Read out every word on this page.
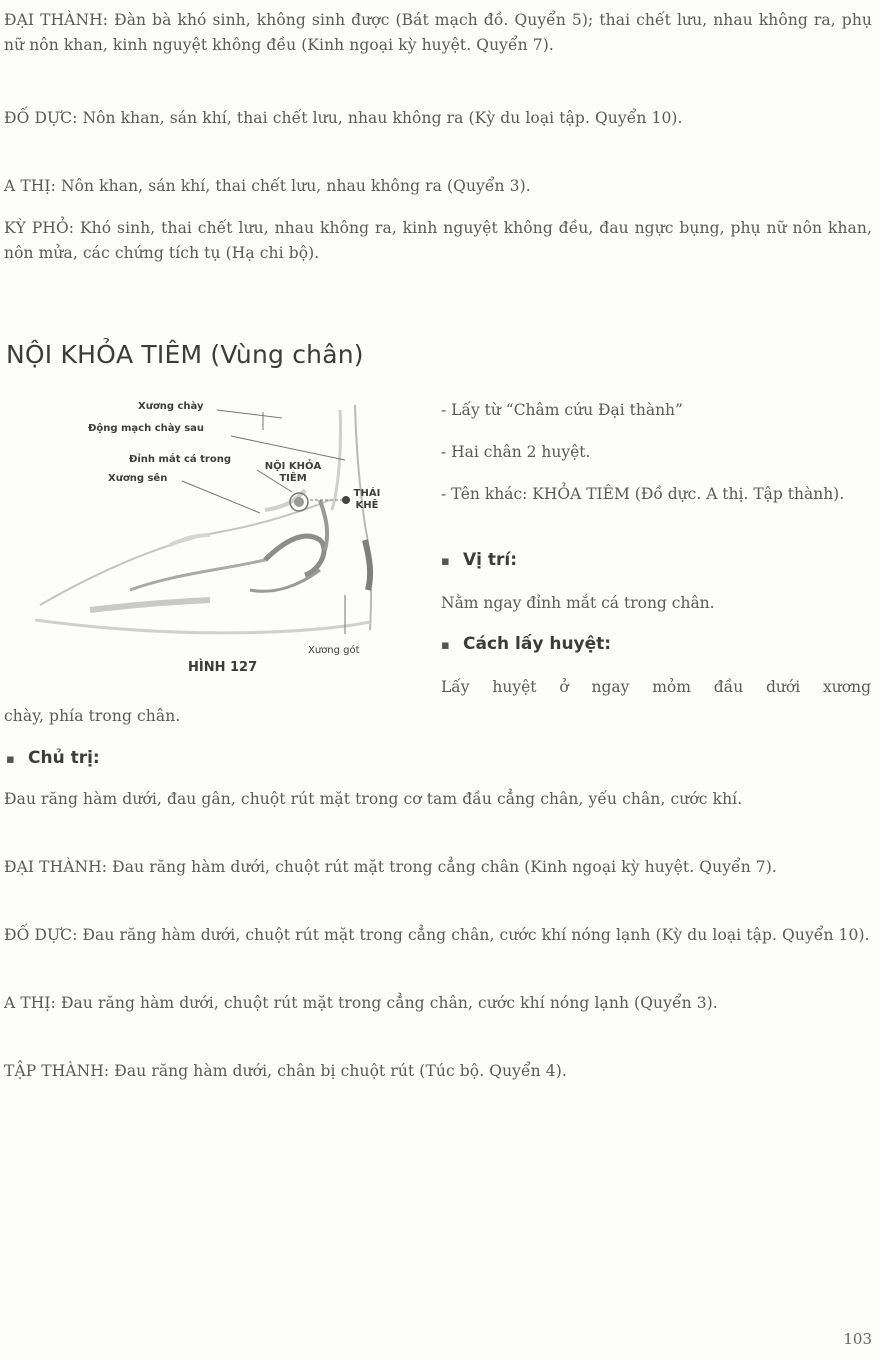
ĐẠI THÀNH: Đàn bà khó sinh, không sinh được (Bát mạch đồ. Quyển 5); thai chết lưu, nhau không ra, phụ nữ nôn khan, kinh nguyệt không đều (Kinh ngoại kỳ huyệt. Quyển 7).

ĐỐ DỰC: Nôn khan, sán khí, thai chết lưu, nhau không ra (Kỳ du loại tập. Quyển 10).

A THỊ: Nôn khan, sán khí, thai chết lưu, nhau không ra (Quyển 3).

KỲ PHỎ: Khó sinh, thai chết lưu, nhau không ra, kinh nguyệt không đều, đau ngực bụng, phụ nữ nôn khan, nôn mửa, các chứng tích tụ (Hạ chi bộ).

NỘI KHỎA TIÊM (Vùng chân)
Xương chày
Động mạch chày sau
Đỉnh mắt cá trong
Xương sên
NỘI KHỎA
TIÊM
THÁI
KHÊ
Xương gót
HÌNH 127

- Lấy từ “Châm cứu Đại thành”

- Hai chân 2 huyệt.

- Tên khác: KHỎA TIÊM (Đồ dực. A thị. Tập thành).

▪ Vị trí:

Nằm ngay đỉnh mắt cá trong chân.

▪ Cách lấy huyệt:

Lấy huyệt ở ngay mỏm đầu dưới xương

chày, phía trong chân.

▪ Chủ trị:

Đau răng hàm dưới, đau gân, chuột rút mặt trong cơ tam đầu cẳng chân, yếu chân, cước khí.

ĐẠI THÀNH: Đau răng hàm dưới, chuột rút mặt trong cẳng chân (Kinh ngoại kỳ huyệt. Quyển 7).

ĐỐ DỰC: Đau răng hàm dưới, chuột rút mặt trong cẳng chân, cước khí nóng lạnh (Kỳ du loại tập. Quyển 10).

A THỊ: Đau răng hàm dưới, chuột rút mặt trong cẳng chân, cước khí nóng lạnh (Quyển 3).

TẬP THÀNH: Đau răng hàm dưới, chân bị chuột rút (Túc bộ. Quyển 4).

103
